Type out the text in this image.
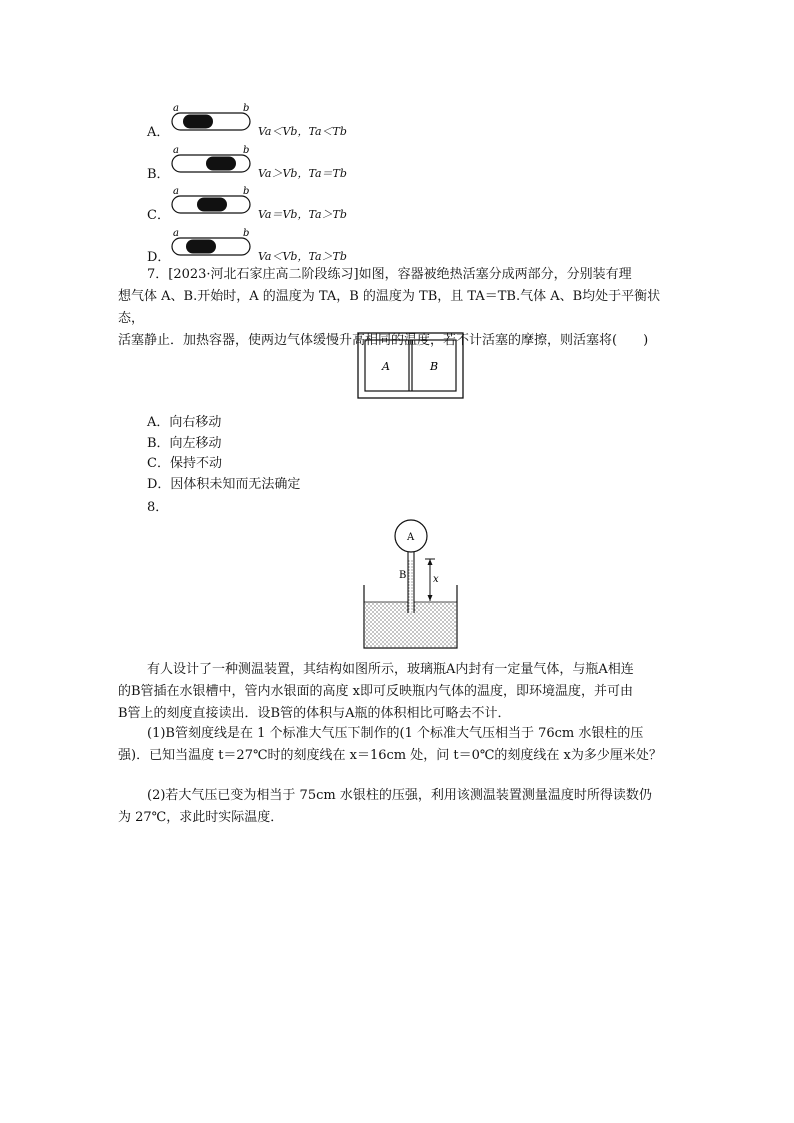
A．
a	b
Va＜Vb，Ta＜Tb
B．
a	b
Va＞Vb，Ta＝Tb
C．
a	b
Va＝Vb，Ta＞Tb
D．
a	b
Va＜Vb，Ta＞Tb
7．[2023·河北石家庄高二阶段练习]如图，容器被绝热活塞分成两部分，分别装有理
想气体 A、B.开始时，A 的温度为 TA，B 的温度为 TB，且 TA＝TB.气体 A、B均处于平衡状态，
活塞静止．加热容器，使两边气体缓慢升高相同的温度，若不计活塞的摩擦，则活塞将(　　)
A	B
A．向右移动
B．向左移动
C．保持不动
D．因体积未知而无法确定
8．
A
B	x
有人设计了一种测温装置，其结构如图所示，玻璃瓶A内封有一定量气体，与瓶A相连
的B管插在水银槽中，管内水银面的高度 x即可反映瓶内气体的温度，即环境温度，并可由
B管上的刻度直接读出．设B管的体积与A瓶的体积相比可略去不计．
(1)B管刻度线是在 1 个标准大气压下制作的(1 个标准大气压相当于 76cm 水银柱的压
强)．已知当温度 t＝27℃时的刻度线在 x＝16cm 处，问 t＝0℃的刻度线在 x为多少厘米处？
(2)若大气压已变为相当于 75cm 水银柱的压强，利用该测温装置测量温度时所得读数仍
为 27℃，求此时实际温度．
